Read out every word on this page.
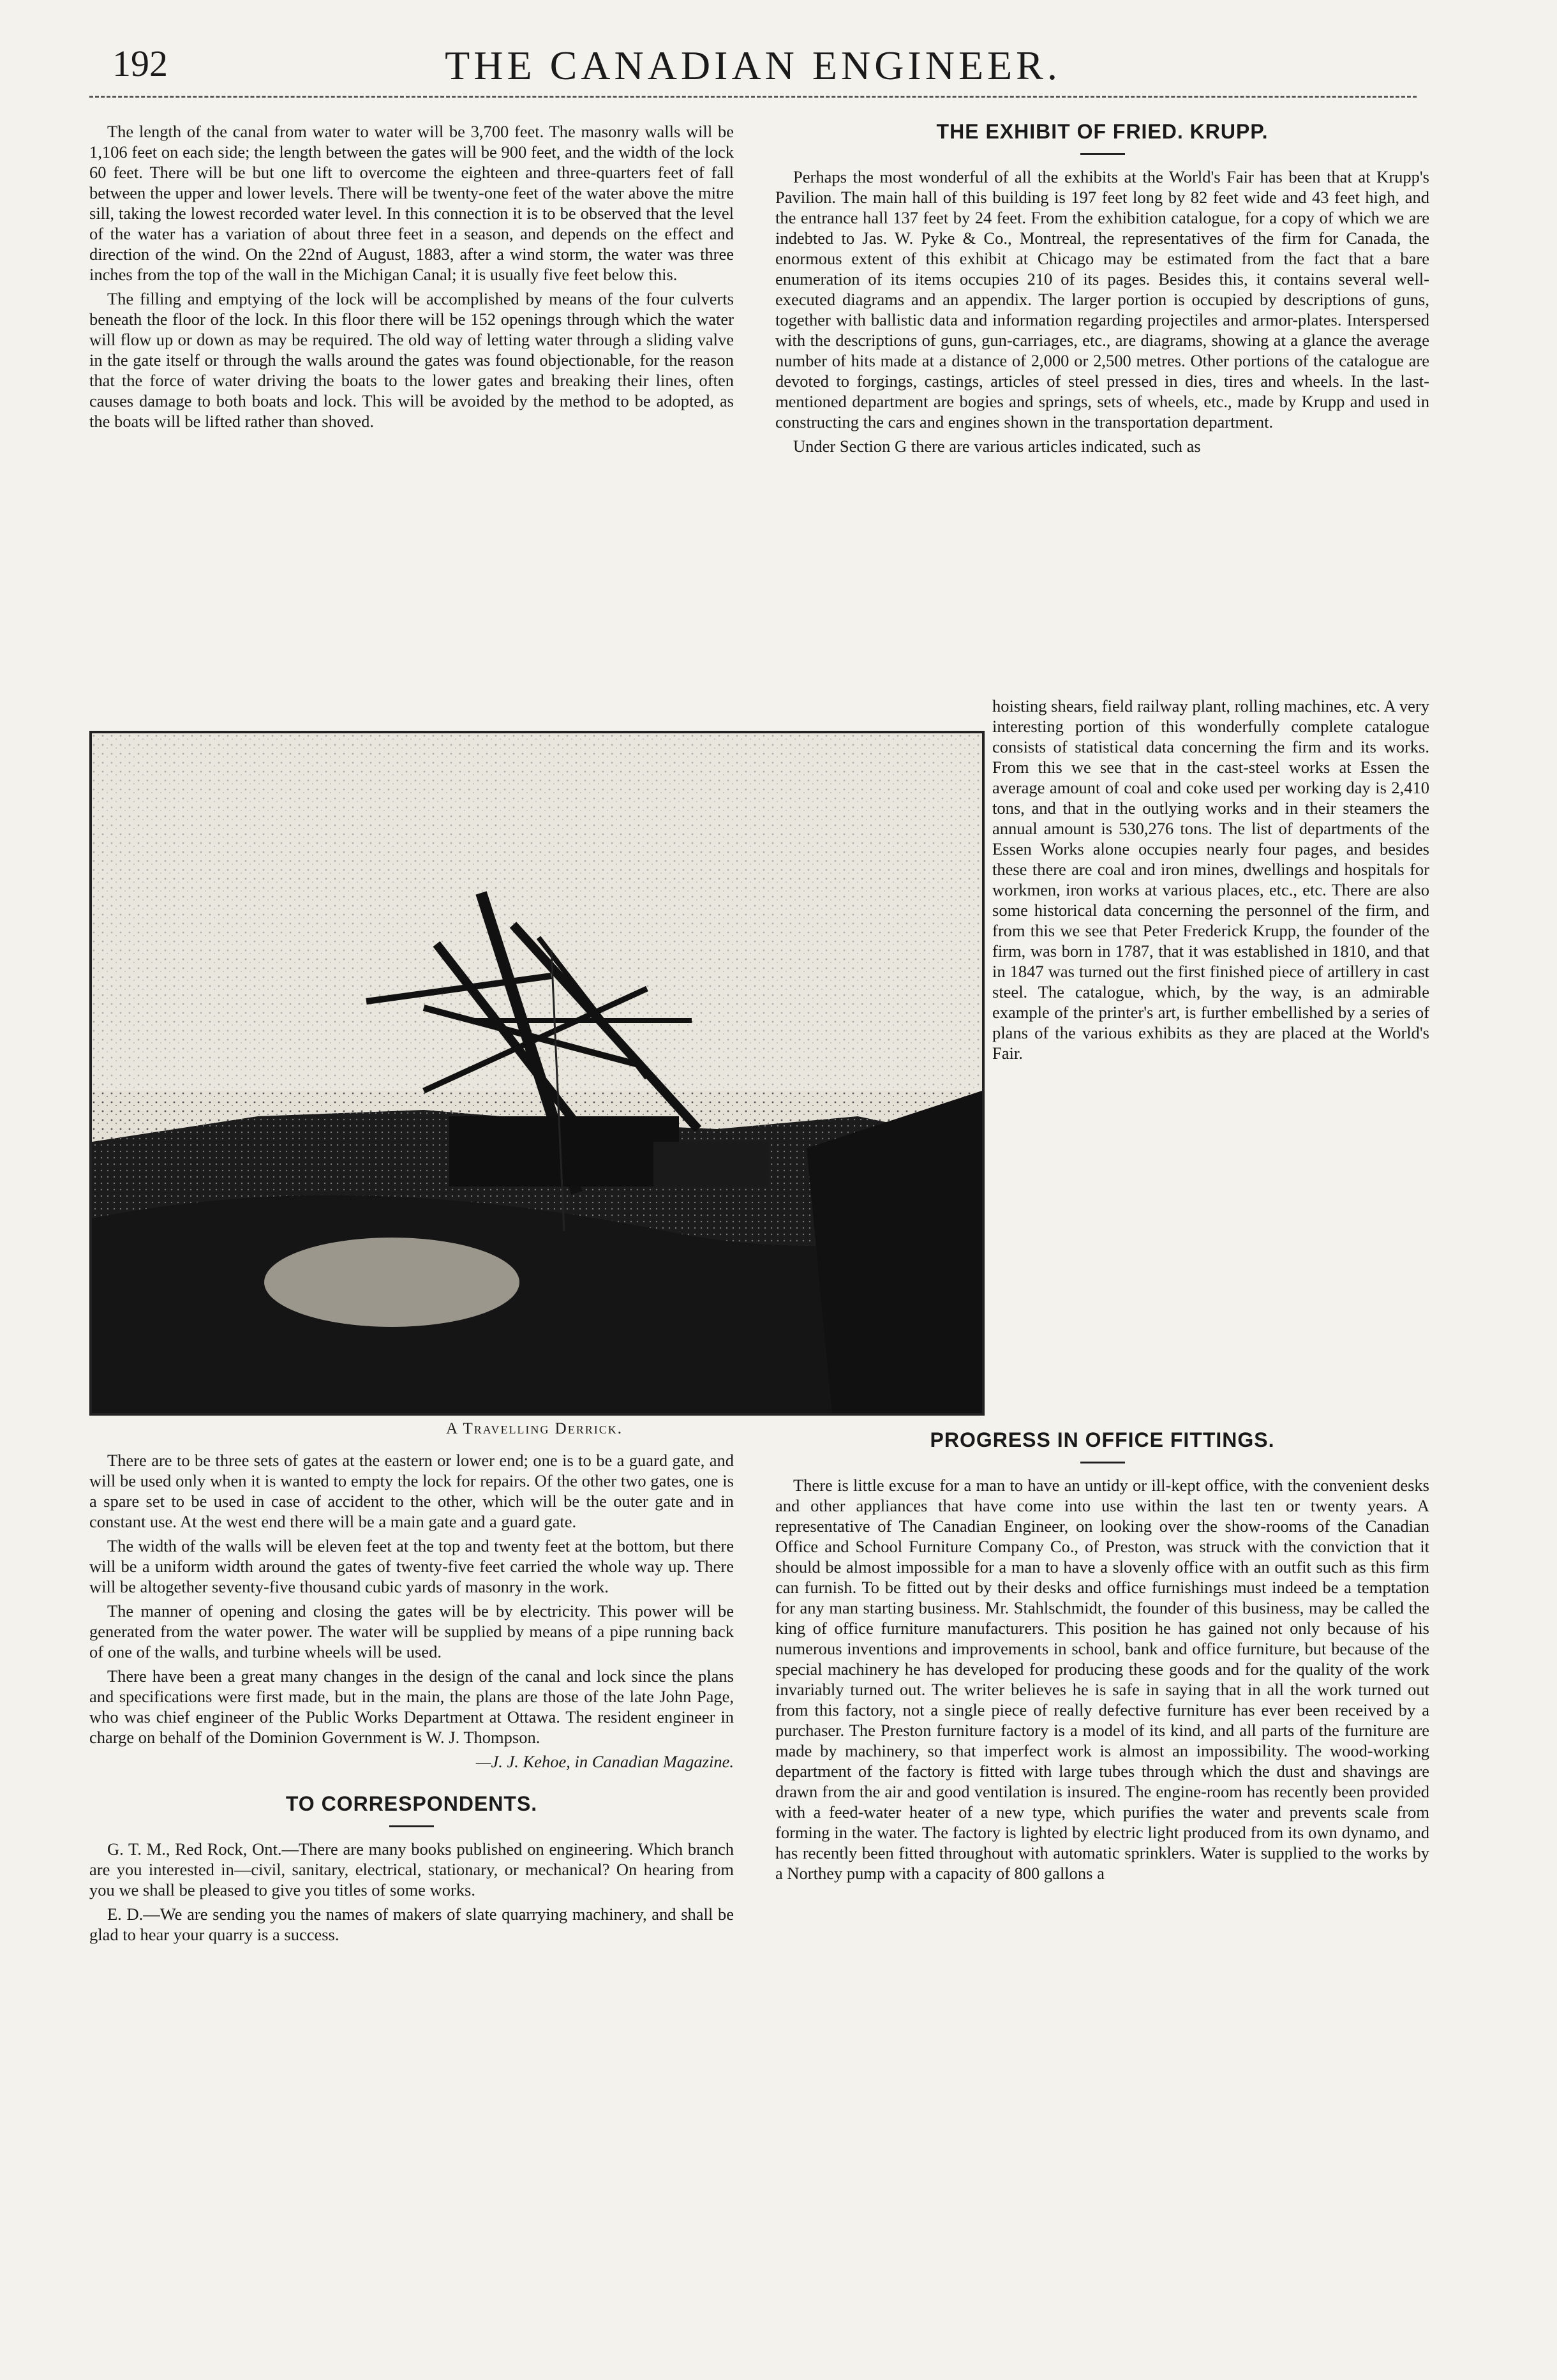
192	THE CANADIAN ENGINEER.

The length of the canal from water to water will be 3,700 feet. The masonry walls will be 1,106 feet on each side; the length between the gates will be 900 feet, and the width of the lock 60 feet. There will be but one lift to overcome the eighteen and three-quarters feet of fall between the upper and lower levels. There will be twenty-one feet of the water above the mitre sill, taking the lowest recorded water level. In this connection it is to be observed that the level of the water has a variation of about three feet in a season, and depends on the effect and direction of the wind. On the 22nd of August, 1883, after a wind storm, the water was three inches from the top of the wall in the Michigan Canal; it is usually five feet below this.

The filling and emptying of the lock will be accomplished by means of the four culverts beneath the floor of the lock. In this floor there will be 152 openings through which the water will flow up or down as may be required. The old way of letting water through a sliding valve in the gate itself or through the walls around the gates was found objectionable, for the reason that the force of water driving the boats to the lower gates and breaking their lines, often causes damage to both boats and lock. This will be avoided by the method to be adopted, as the boats will be lifted rather than shoved.

A Travelling Derrick.

There are to be three sets of gates at the eastern or lower end; one is to be a guard gate, and will be used only when it is wanted to empty the lock for repairs. Of the other two gates, one is a spare set to be used in case of accident to the other, which will be the outer gate and in constant use. At the west end there will be a main gate and a guard gate.

The width of the walls will be eleven feet at the top and twenty feet at the bottom, but there will be a uniform width around the gates of twenty-five feet carried the whole way up. There will be altogether seventy-five thousand cubic yards of masonry in the work.

The manner of opening and closing the gates will be by electricity. This power will be generated from the water power. The water will be supplied by means of a pipe running back of one of the walls, and turbine wheels will be used.

There have been a great many changes in the design of the canal and lock since the plans and specifications were first made, but in the main, the plans are those of the late John Page, who was chief engineer of the Public Works Department at Ottawa. The resident engineer in charge on behalf of the Dominion Government is W. J. Thompson.

—J. J. Kehoe, in Canadian Magazine.
TO CORRESPONDENTS.

G. T. M., Red Rock, Ont.—There are many books published on engineering. Which branch are you interested in—civil, sanitary, electrical, stationary, or mechanical? On hearing from you we shall be pleased to give you titles of some works.

E. D.—We are sending you the names of makers of slate quarrying machinery, and shall be glad to hear your quarry is a success.

THE EXHIBIT OF FRIED. KRUPP.

Perhaps the most wonderful of all the exhibits at the World's Fair has been that at Krupp's Pavilion. The main hall of this building is 197 feet long by 82 feet wide and 43 feet high, and the entrance hall 137 feet by 24 feet. From the exhibition catalogue, for a copy of which we are indebted to Jas. W. Pyke & Co., Montreal, the representatives of the firm for Canada, the enormous extent of this exhibit at Chicago may be estimated from the fact that a bare enumeration of its items occupies 210 of its pages. Besides this, it contains several well-executed diagrams and an appendix. The larger portion is occupied by descriptions of guns, together with ballistic data and information regarding projectiles and armor-plates. Interspersed with the descriptions of guns, gun-carriages, etc., are diagrams, showing at a glance the average number of hits made at a distance of 2,000 or 2,500 metres. Other portions of the catalogue are devoted to forgings, castings, articles of steel pressed in dies, tires and wheels. In the last-mentioned department are bogies and springs, sets of wheels, etc., made by Krupp and used in constructing the cars and engines shown in the transportation department.

Under Section G there are various articles indicated, such as

hoisting shears, field railway plant, rolling machines, etc. A very interesting portion of this wonderfully complete catalogue consists of statistical data concerning the firm and its works. From this we see that in the cast-steel works at Essen the average amount of coal and coke used per working day is 2,410 tons, and that in the outlying works and in their steamers the annual amount is 530,276 tons. The list of departments of the Essen Works alone occupies nearly four pages, and besides these there are coal and iron mines, dwellings and hospitals for workmen, iron works at various places, etc., etc. There are also some historical data concerning the personnel of the firm, and from this we see that Peter Frederick Krupp, the founder of the firm, was born in 1787, that it was established in 1810, and that in 1847 was turned out the first finished piece of artillery in cast steel. The catalogue, which, by the way, is an admirable example of the printer's art, is further embellished by a series of plans of the various exhibits as they are placed at the World's Fair.

PROGRESS IN OFFICE FITTINGS.

There is little excuse for a man to have an untidy or ill-kept office, with the convenient desks and other appliances that have come into use within the last ten or twenty years. A representative of The Canadian Engineer, on looking over the show-rooms of the Canadian Office and School Furniture Company Co., of Preston, was struck with the conviction that it should be almost impossible for a man to have a slovenly office with an outfit such as this firm can furnish. To be fitted out by their desks and office furnishings must indeed be a temptation for any man starting business. Mr. Stahlschmidt, the founder of this business, may be called the king of office furniture manufacturers. This position he has gained not only because of his numerous inventions and improvements in school, bank and office furniture, but because of the special machinery he has developed for producing these goods and for the quality of the work invariably turned out. The writer believes he is safe in saying that in all the work turned out from this factory, not a single piece of really defective furniture has ever been received by a purchaser. The Preston furniture factory is a model of its kind, and all parts of the furniture are made by machinery, so that imperfect work is almost an impossibility. The wood-working department of the factory is fitted with large tubes through which the dust and shavings are drawn from the air and good ventilation is insured. The engine-room has recently been provided with a feed-water heater of a new type, which purifies the water and prevents scale from forming in the water. The factory is lighted by electric light produced from its own dynamo, and has recently been fitted throughout with automatic sprinklers. Water is supplied to the works by a Northey pump with a capacity of 800 gallons a
